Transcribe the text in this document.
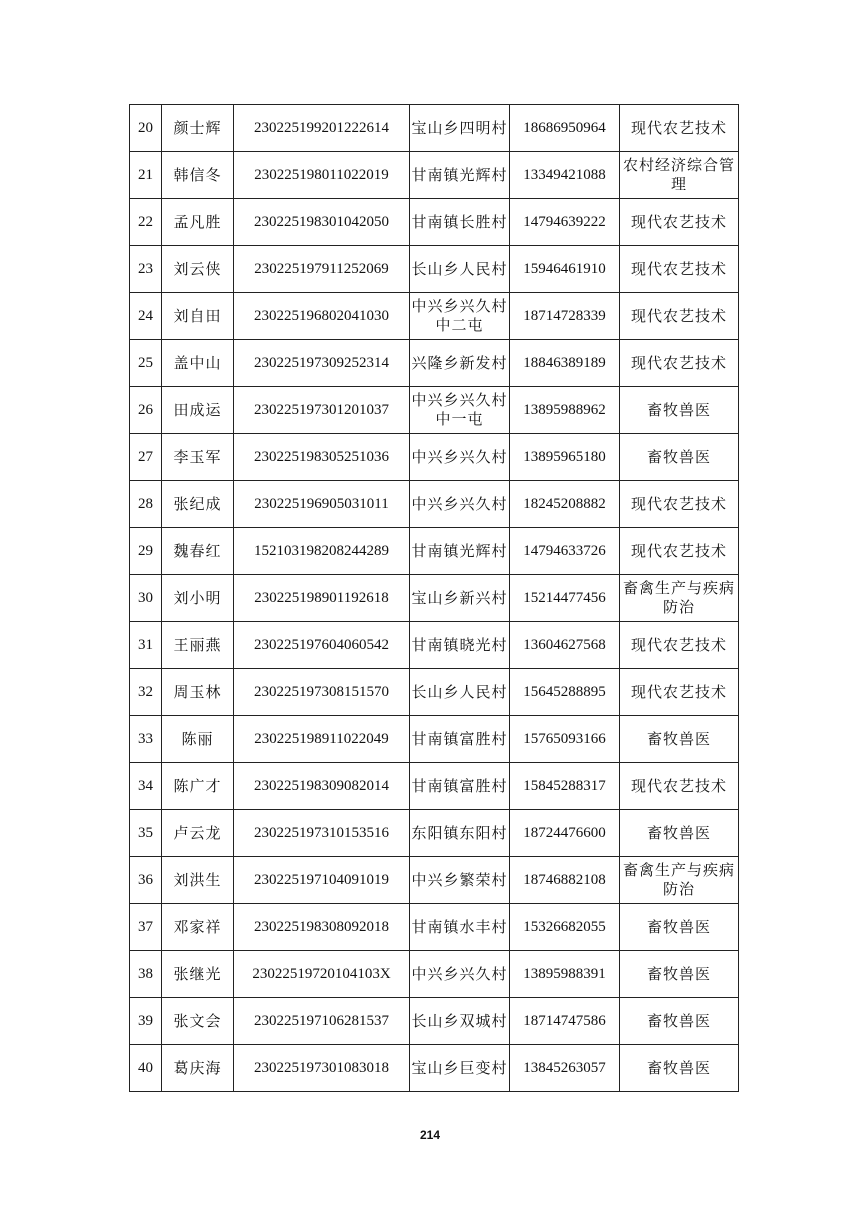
20	颜士辉	230225199201222614	宝山乡四明村	18686950964	现代农艺技术
21	韩信冬	230225198011022019	甘南镇光辉村	13349421088	农村经济综合管理
22	孟凡胜	230225198301042050	甘南镇长胜村	14794639222	现代农艺技术
23	刘云侠	230225197911252069	长山乡人民村	15946461910	现代农艺技术
24	刘自田	230225196802041030	中兴乡兴久村中二屯	18714728339	现代农艺技术
25	盖中山	230225197309252314	兴隆乡新发村	18846389189	现代农艺技术
26	田成运	230225197301201037	中兴乡兴久村中一屯	13895988962	畜牧兽医
27	李玉军	230225198305251036	中兴乡兴久村	13895965180	畜牧兽医
28	张纪成	230225196905031011	中兴乡兴久村	18245208882	现代农艺技术
29	魏春红	152103198208244289	甘南镇光辉村	14794633726	现代农艺技术
30	刘小明	230225198901192618	宝山乡新兴村	15214477456	畜禽生产与疾病防治
31	王丽燕	230225197604060542	甘南镇晓光村	13604627568	现代农艺技术
32	周玉林	230225197308151570	长山乡人民村	15645288895	现代农艺技术
33	陈丽	230225198911022049	甘南镇富胜村	15765093166	畜牧兽医
34	陈广才	230225198309082014	甘南镇富胜村	15845288317	现代农艺技术
35	卢云龙	230225197310153516	东阳镇东阳村	18724476600	畜牧兽医
36	刘洪生	230225197104091019	中兴乡繁荣村	18746882108	畜禽生产与疾病防治
37	邓家祥	230225198308092018	甘南镇水丰村	15326682055	畜牧兽医
38	张继光	23022519720104103X	中兴乡兴久村	13895988391	畜牧兽医
39	张文会	230225197106281537	长山乡双城村	18714747586	畜牧兽医
40	葛庆海	230225197301083018	宝山乡巨变村	13845263057	畜牧兽医
214
